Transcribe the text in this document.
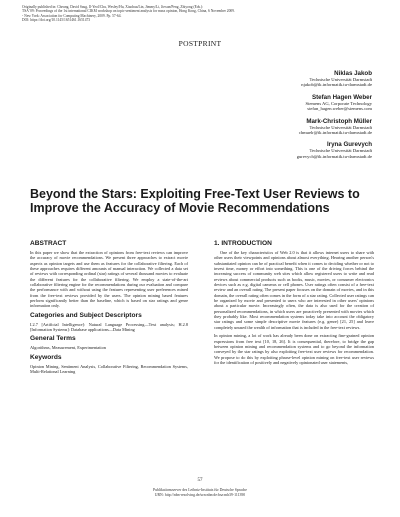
Originally published in: Cheung, David Saug, Il-Yeol/Chu, Wesley/Hu, Xiaohua/Lin, Jimmy/Li, Jiexun/Peng, Zhiyong (Eds.):
TSA '09: Proceedings of the 1st international CIKM workshop on topic-sentiment analysis for mass opinion, Hong Kong, China, 6 November 2009.
- New York: Association for Computing Machinery, 2009. Pp. 57-64.
DOI: https://doi.org/10.1145/1651461.1651473
POSTPRINT
Niklas Jakob
Technische Universität Darmstadt
njakob@tk.informatik.tu-darmstadt.de
Stefan Hagen Weber
Siemens AG, Corporate Technology
stefan_hagen.weber@siemens.com
Mark-Christoph Müller
Technische Universität Darmstadt
chmuelr@tk.informatik.tu-darmstadt.de
Iryna Gurevych
Technische Universität Darmstadt
gurevych@tk.informatik.tu-darmstadt.de
Beyond the Stars: Exploiting Free-Text User Reviews to Improve the Accuracy of Movie Recommendations
ABSTRACT

In this paper we show that the extraction of opinions from free-text reviews can improve the accuracy of movie recommendations. We present three approaches to extract movie aspects as opinion targets and use them as features for the collaborative filtering. Each of these approaches requires different amounts of manual interaction. We collected a data set of reviews with corresponding ordinal (star) ratings of several thousand movies to evaluate the different features for the collaborative filtering. We employ a state-of-the-art collaborative filtering engine for the recommendations during our evaluation and compare the performance with and without using the features representing user preferences mined from the free-text reviews provided by the users. The opinion mining based features perform significantly better than the baseline, which is based on star ratings and genre information only.

Categories and Subject Descriptors

I.2.7 [Artificial Intelligence]: Natural Language Processing—Text analysis; H.2.8 [Information Systems]: Database applications—Data Mining

General Terms

Algorithms, Measurement, Experimentation

Keywords

Opinion Mining, Sentiment Analysis, Collaborative Filtering, Recommendation Systems, Multi-Relational Learning

1. INTRODUCTION

One of the key characteristics of Web 2.0 is that it allows internet users to share with other users their viewpoints and opinions about almost everything. Hearing another person's substantiated opinion can be of practical benefit when it comes to deciding whether or not to invest time, money or effort into something. This is one of the driving forces behind the increasing success of community web sites which allow registered users to write and read reviews about commercial products such as books, music, movies, or consumer electronics devices such as e.g. digital cameras or cell phones. User ratings often consist of a free-text review and an overall rating. The present paper focuses on the domain of movies, and in this domain, the overall rating often comes in the form of a star rating. Collected user ratings can be organized by movie and presented to users who are interested in other users' opinions about a particular movie. Increasingly often, the data is also used for the creation of personalized recommendations, in which users are proactively presented with movies which they probably like. Most recommendation systems today take into account the obligatory star ratings and some simple descriptive movie features (e.g. genre) [21, 25] and leave completely unused the wealth of information that is included in the free-text reviews.

In opinion mining, a lot of work has already been done on extracting fine-grained opinion expressions from free text [10, 18, 26]. It is consequential, therefore, to bridge the gap between opinion mining and recommendation systems and to go beyond the information conveyed by the star ratings by also exploiting free-text user reviews for recommendation. We propose to do this by exploiting phrase-level opinion mining on free-text user reviews for the identification of positively and negatively opinionated user statements,

57
Publikationsserver des Leibniz-Instituts für Deutsche Sprache
URN: http://nbn-resolving.de/urn:nbn:de:bsz:mh39-111390
